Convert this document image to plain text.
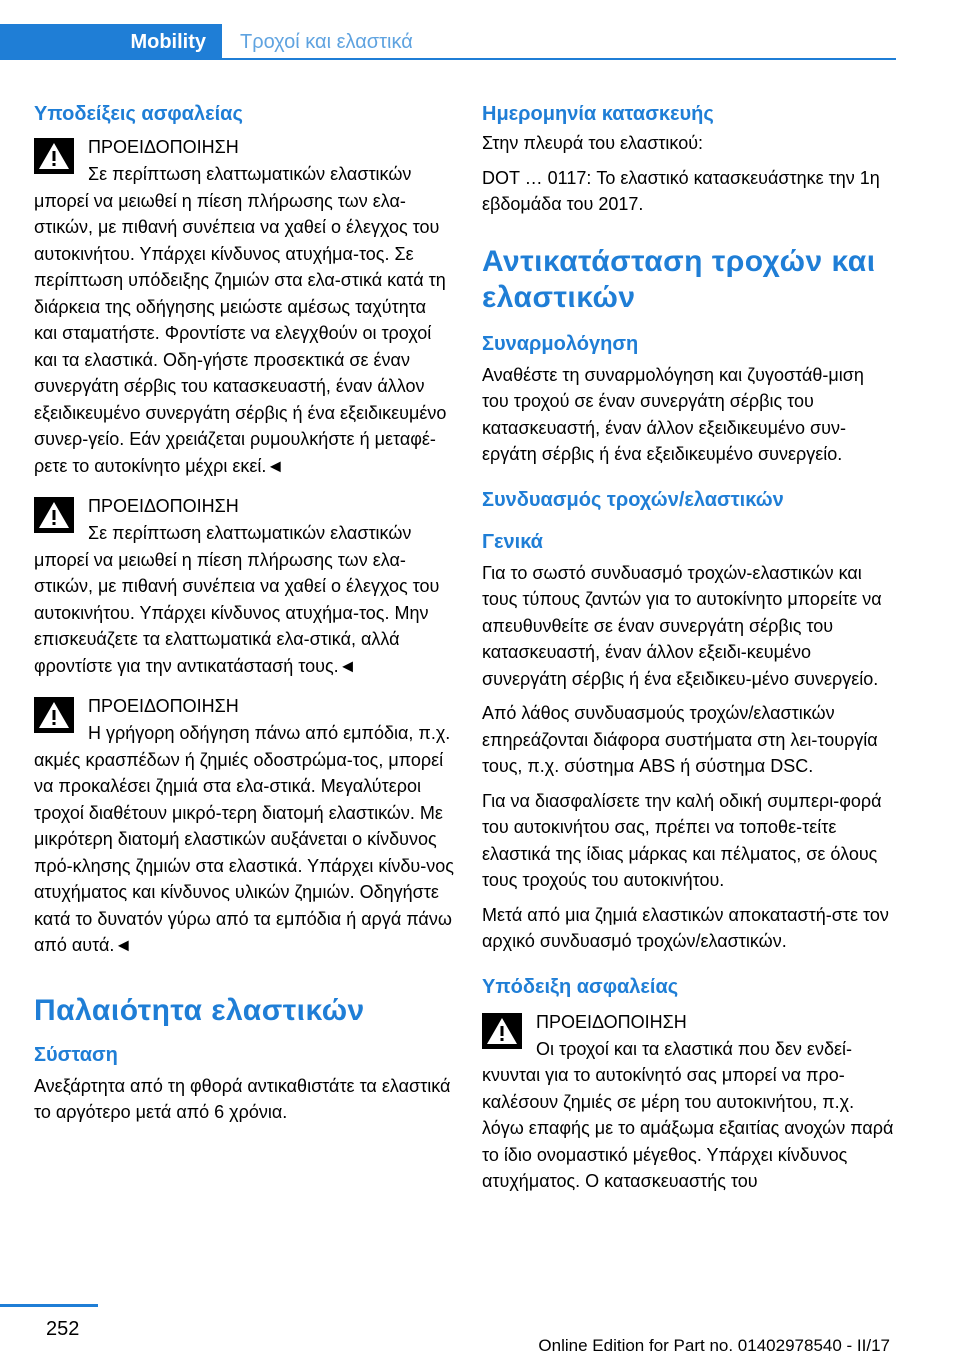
Mobility Τροχοί και ελαστικά
Υποδείξεις ασφαλείας
ΠΡΟΕΙΔΟΠΟΙΗΣΗ
Σε περίπτωση ελαττωματικών ελαστικών μπορεί να μειωθεί η πίεση πλήρωσης των ελα-στικών, με πιθανή συνέπεια να χαθεί ο έλεγχος του αυτοκινήτου. Υπάρχει κίνδυνος ατυχήμα-τος. Σε περίπτωση υπόδειξης ζημιών στα ελα-στικά κατά τη διάρκεια της οδήγησης μειώστε αμέσως ταχύτητα και σταματήστε. Φροντίστε να ελεγχθούν οι τροχοί και τα ελαστικά. Οδη-γήστε προσεκτικά σε έναν συνεργάτη σέρβις του κατασκευαστή, έναν άλλον εξειδικευμένο συνεργάτη σέρβις ή ένα εξειδικευμένο συνερ-γείο. Εάν χρειάζεται ρυμουλκήστε ή μεταφέ-ρετε το αυτοκίνητο μέχρι εκεί.◄
ΠΡΟΕΙΔΟΠΟΙΗΣΗ
Σε περίπτωση ελαττωματικών ελαστικών μπορεί να μειωθεί η πίεση πλήρωσης των ελα-στικών, με πιθανή συνέπεια να χαθεί ο έλεγχος του αυτοκινήτου. Υπάρχει κίνδυνος ατυχήμα-τος. Μην επισκευάζετε τα ελαττωματικά ελα-στικά, αλλά φροντίστε για την αντικατάστασή τους.◄
ΠΡΟΕΙΔΟΠΟΙΗΣΗ
Η γρήγορη οδήγηση πάνω από εμπόδια, π.χ. ακμές κρασπέδων ή ζημιές οδοστρώμα-τος, μπορεί να προκαλέσει ζημιά στα ελα-στικά. Μεγαλύτεροι τροχοί διαθέτουν μικρό-τερη διατομή ελαστικών. Με μικρότερη διατομή ελαστικών αυξάνεται ο κίνδυνος πρό-κλησης ζημιών στα ελαστικά. Υπάρχει κίνδυ-νος ατυχήματος και κίνδυνος υλικών ζημιών. Οδηγήστε κατά το δυνατόν γύρω από τα εμπόδια ή αργά πάνω από αυτά.◄
Παλαιότητα ελαστικών
Σύσταση

Ανεξάρτητα από τη φθορά αντικαθιστάτε τα ελαστικά το αργότερο μετά από 6 χρόνια.

Ημερομηνία κατασκευής

Στην πλευρά του ελαστικού:

DOT … 0117: Το ελαστικό κατασκευάστηκε την 1η εβδομάδα του 2017.

Αντικατάσταση τροχών και ελαστικών
Συναρμολόγηση

Αναθέστε τη συναρμολόγηση και ζυγοστάθ-μιση του τροχού σε έναν συνεργάτη σέρβις του κατασκευαστή, έναν άλλον εξειδικευμένο συν-εργάτη σέρβις ή ένα εξειδικευμένο συνεργείο.

Συνδυασμός τροχών/ελαστικών
Γενικά

Για το σωστό συνδυασμό τροχών-ελαστικών και τους τύπους ζαντών για το αυτοκίνητο μπορείτε να απευθυνθείτε σε έναν συνεργάτη σέρβις του κατασκευαστή, έναν άλλον εξειδι-κευμένο συνεργάτη σέρβις ή ένα εξειδικευ-μένο συνεργείο.

Από λάθος συνδυασμούς τροχών/ελαστικών επηρεάζονται διάφορα συστήματα στη λει-τουργία τους, π.χ. σύστημα ABS ή σύστημα DSC.

Για να διασφαλίσετε την καλή οδική συμπερι-φορά του αυτοκινήτου σας, πρέπει να τοποθε-τείτε ελαστικά της ίδιας μάρκας και πέλματος, σε όλους τους τροχούς του αυτοκινήτου.

Μετά από μια ζημιά ελαστικών αποκαταστή-στε τον αρχικό συνδυασμό τροχών/ελαστικών.

Υπόδειξη ασφαλείας
ΠΡΟΕΙΔΟΠΟΙΗΣΗ
Οι τροχοί και τα ελαστικά που δεν ενδεί-κνυνται για το αυτοκίνητό σας μπορεί να προ-καλέσουν ζημιές σε μέρη του αυτοκινήτου, π.χ. λόγω επαφής με το αμάξωμα εξαιτίας ανοχών παρά το ίδιο ονομαστικό μέγεθος. Υπάρχει κίνδυνος ατυχήματος. Ο κατασκευαστής του
252
Online Edition for Part no. 01402978540 - II/17
